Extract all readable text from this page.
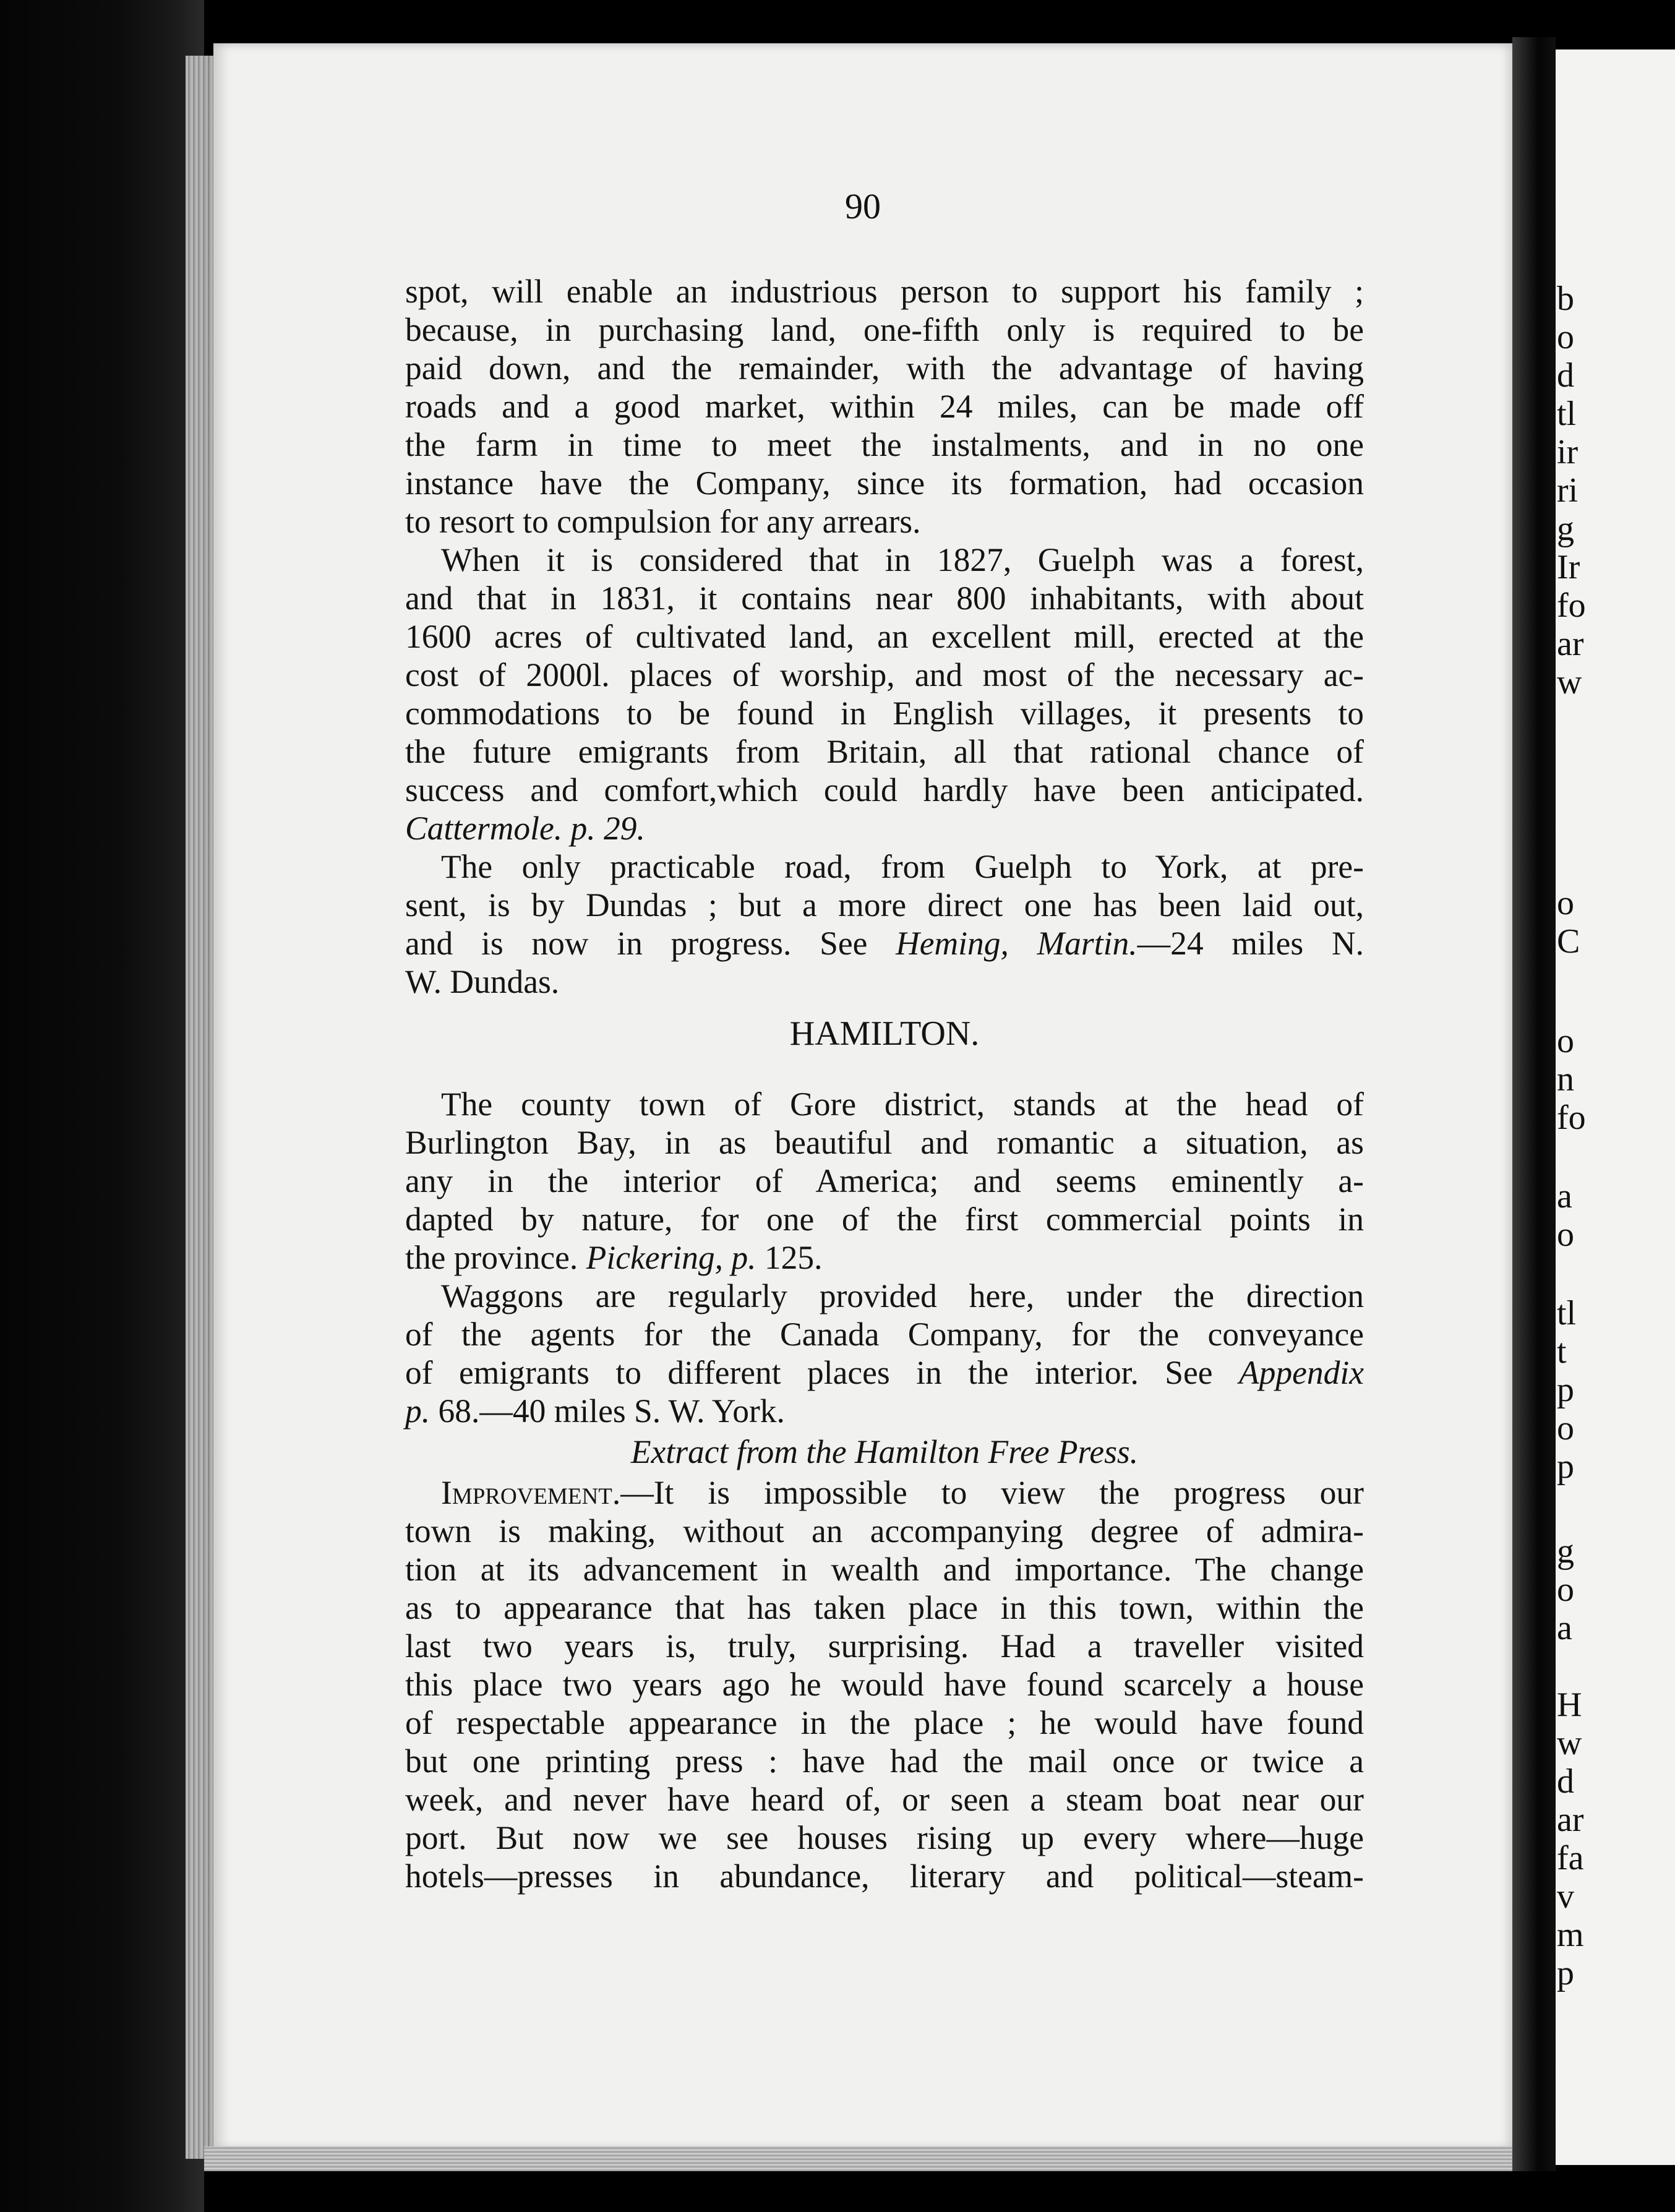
b
o
d
tl
ir
ri
g
Ir
fo
ar
w
o
C
o
n
fo
a
o
tl
t
p
o
p
g
o
a
H
w
d
ar
fa
v
m
p
90

spot, will enable an industrious person to support his family ;

because, in purchasing land, one-fifth only is required to be

paid down, and the remainder, with the advantage of having

roads and a good market, within 24 miles, can be made off

the farm in time to meet the instalments, and in no one

instance have the Company, since its formation, had occasion

to resort to compulsion for any arrears.

When it is considered that in 1827, Guelph was a forest,

and that in 1831, it contains near 800 inhabitants, with about

1600 acres of cultivated land, an excellent mill, erected at the

cost of 2000l. places of worship, and most of the necessary ac-

commodations to be found in English villages, it presents to

the future emigrants from Britain, all that rational chance of

success and comfort,which could hardly have been anticipated.

Cattermole. p. 29.

The only practicable road, from Guelph to York, at pre-

sent, is by Dundas ; but a more direct one has been laid out,

and is now in progress. See Heming, Martin.—24 miles N.

W. Dundas.

HAMILTON.

The county town of Gore district, stands at the head of

Burlington Bay, in as beautiful and romantic a situation, as

any in the interior of America; and seems eminently a-

dapted by nature, for one of the first commercial points in

the province. Pickering, p. 125.

Waggons are regularly provided here, under the direction

of the agents for the Canada Company, for the conveyance

of emigrants to different places in the interior. See Appendix

p. 68.—40 miles S. W. York.

Extract from the Hamilton Free Press.

Improvement.—It is impossible to view the progress our

town is making, without an accompanying degree of admira-

tion at its advancement in wealth and importance. The change

as to appearance that has taken place in this town, within the

last two years is, truly, surprising. Had a traveller visited

this place two years ago he would have found scarcely a house

of respectable appearance in the place ; he would have found

but one printing press : have had the mail once or twice a

week, and never have heard of, or seen a steam boat near our

port. But now we see houses rising up every where—huge

hotels—presses in abundance, literary and political—steam-
